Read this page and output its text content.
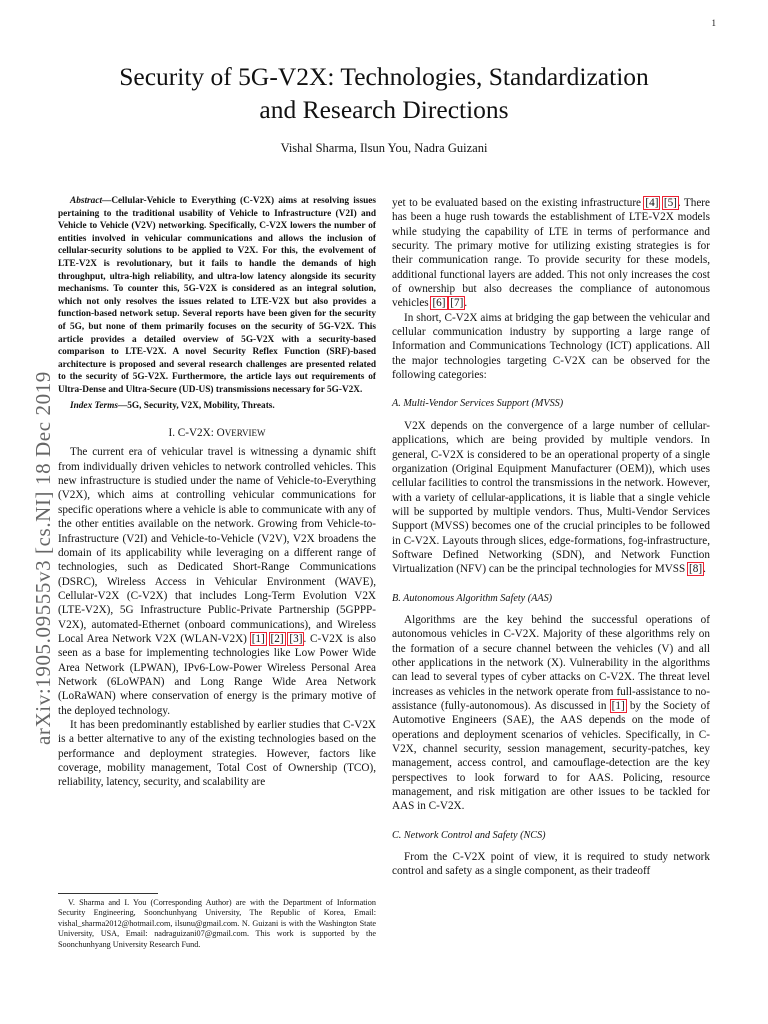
1
arXiv:1905.09555v3 [cs.NI] 18 Dec 2019
Security of 5G-V2X: Technologies, Standardization
and Research Directions
Vishal Sharma, Ilsun You, Nadra Guizani

Abstract—Cellular-Vehicle to Everything (C-V2X) aims at resolving issues pertaining to the traditional usability of Vehicle to Infrastructure (V2I) and Vehicle to Vehicle (V2V) networking. Specifically, C-V2X lowers the number of entities involved in vehicular communications and allows the inclusion of cellular-security solutions to be applied to V2X. For this, the evolvement of LTE-V2X is revolutionary, but it fails to handle the demands of high throughput, ultra-high reliability, and ultra-low latency alongside its security mechanisms. To counter this, 5G-V2X is considered as an integral solution, which not only resolves the issues related to LTE-V2X but also provides a function-based network setup. Several reports have been given for the security of 5G, but none of them primarily focuses on the security of 5G-V2X. This article provides a detailed overview of 5G-V2X with a security-based comparison to LTE-V2X. A novel Security Reflex Function (SRF)-based architecture is proposed and several research challenges are presented related to the security of 5G-V2X. Furthermore, the article lays out requirements of Ultra-Dense and Ultra-Secure (UD-US) transmissions necessary for 5G-V2X.

Index Terms—5G, Security, V2X, Mobility, Threats.

I. C-V2X: OVERVIEW

The current era of vehicular travel is witnessing a dynamic shift from individually driven vehicles to network controlled vehicles. This new infrastructure is studied under the name of Vehicle-to-Everything (V2X), which aims at controlling vehicular communications for specific operations where a vehicle is able to communicate with any of the other entities available on the network. Growing from Vehicle-to-Infrastructure (V2I) and Vehicle-to-Vehicle (V2V), V2X broadens the domain of its applicability while leveraging on a different range of technologies, such as Dedicated Short-Range Communications (DSRC), Wireless Access in Vehicular Environment (WAVE), Cellular-V2X (C-V2X) that includes Long-Term Evolution V2X (LTE-V2X), 5G Infrastructure Public-Private Partnership (5GPPP-V2X), automated-Ethernet (onboard communications), and Wireless Local Area Network V2X (WLAN-V2X) [1] [2] [3]. C-V2X is also seen as a base for implementing technologies like Low Power Wide Area Network (LPWAN), IPv6-Low-Power Wireless Personal Area Network (6LoWPAN) and Long Range Wide Area Network (LoRaWAN) where conservation of energy is the primary motive of the deployed technology.

It has been predominantly established by earlier studies that C-V2X is a better alternative to any of the existing technologies based on the performance and deployment strategies. However, factors like coverage, mobility management, Total Cost of Ownership (TCO), reliability, latency, security, and scalability are

V. Sharma and I. You (Corresponding Author) are with the Department of Information Security Engineering, Soonchunhyang University, The Republic of Korea, Email: vishal_sharma2012@hotmail.com, ilsunu@gmail.com. N. Guizani is with the Washington State University, USA, Email: nadraguizani07@gmail.com. This work is supported by the Soonchunhyang University Research Fund.

yet to be evaluated based on the existing infrastructure [4] [5]. There has been a huge rush towards the establishment of LTE-V2X models while studying the capability of LTE in terms of performance and security. The primary motive for utilizing existing strategies is for their communication range. To provide security for these models, additional functional layers are added. This not only increases the cost of ownership but also decreases the compliance of autonomous vehicles [6] [7].

In short, C-V2X aims at bridging the gap between the vehicular and cellular communication industry by supporting a large range of Information and Communications Technology (ICT) applications. All the major technologies targeting C-V2X can be observed for the following categories:

A. Multi-Vendor Services Support (MVSS)

V2X depends on the convergence of a large number of cellular-applications, which are being provided by multiple vendors. In general, C-V2X is considered to be an operational property of a single organization (Original Equipment Manufacturer (OEM)), which uses cellular facilities to control the transmissions in the network. However, with a variety of cellular-applications, it is liable that a single vehicle will be supported by multiple vendors. Thus, Multi-Vendor Services Support (MVSS) becomes one of the crucial principles to be followed in C-V2X. Layouts through slices, edge-formations, fog-infrastructure, Software Defined Networking (SDN), and Network Function Virtualization (NFV) can be the principal technologies for MVSS [8].

B. Autonomous Algorithm Safety (AAS)

Algorithms are the key behind the successful operations of autonomous vehicles in C-V2X. Majority of these algorithms rely on the formation of a secure channel between the vehicles (V) and all other applications in the network (X). Vulnerability in the algorithms can lead to several types of cyber attacks on C-V2X. The threat level increases as vehicles in the network operate from full-assistance to no-assistance (fully-autonomous). As discussed in [1] by the Society of Automotive Engineers (SAE), the AAS depends on the mode of operations and deployment scenarios of vehicles. Specifically, in C-V2X, channel security, session management, security-patches, key management, access control, and camouflage-detection are the key perspectives to look forward to for AAS. Policing, resource management, and risk mitigation are other issues to be tackled for AAS in C-V2X.

C. Network Control and Safety (NCS)

From the C-V2X point of view, it is required to study network control and safety as a single component, as their tradeoff
